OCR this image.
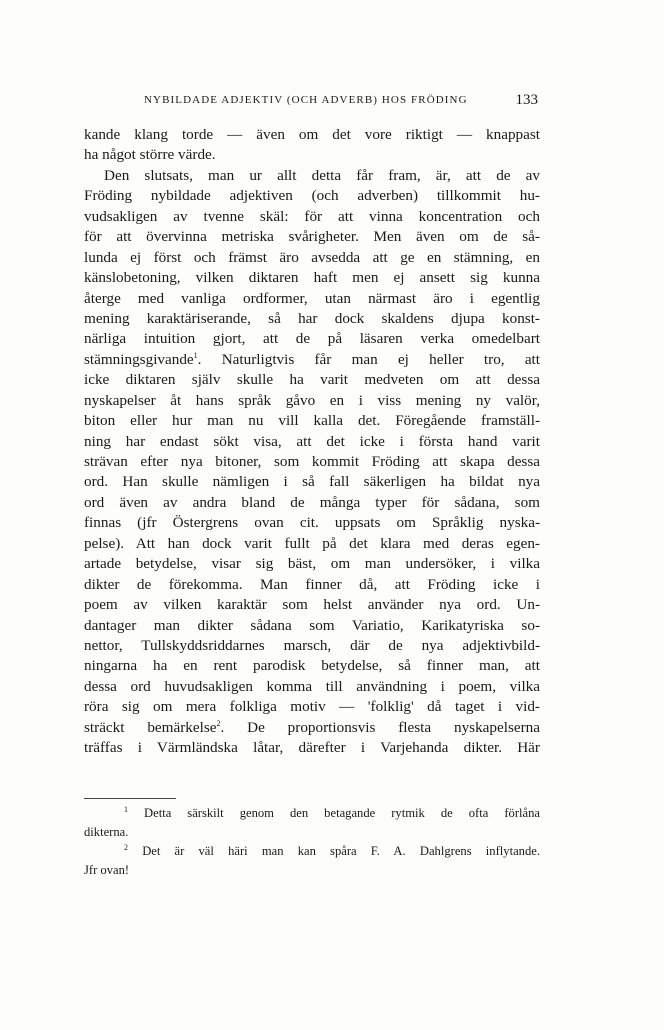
NYBILDADE ADJEKTIV (OCH ADVERB) HOS FRÖDING	133
kande klang torde — även om det vore riktigt — knappast
ha något större värde.
Den slutsats, man ur allt detta får fram, är, att de av
Fröding nybildade adjektiven (och adverben) tillkommit hu-
vudsakligen av tvenne skäl: för att vinna koncentration och
för att övervinna metriska svårigheter. Men även om de så-
lunda ej först och främst äro avsedda att ge en stämning, en
känslobetoning, vilken diktaren haft men ej ansett sig kunna
återge med vanliga ordformer, utan närmast äro i egentlig
mening karaktäriserande, så har dock skaldens djupa konst-
närliga intuition gjort, att de på läsaren verka omedelbart
stämningsgivande$^1$. Naturligtvis får man ej heller tro, att
icke diktaren själv skulle ha varit medveten om att dessa
nyskapelser åt hans språk gåvo en i viss mening ny valör,
biton eller hur man nu vill kalla det. Föregående framställ-
ning har endast sökt visa, att det icke i första hand varit
strävan efter nya bitoner, som kommit Fröding att skapa dessa
ord. Han skulle nämligen i så fall säkerligen ha bildat nya
ord även av andra bland de många typer för sådana, som
finnas (jfr Östergrens ovan cit. uppsats om Språklig nyska-
pelse). Att han dock varit fullt på det klara med deras egen-
artade betydelse, visar sig bäst, om man undersöker, i vilka
dikter de förekomma. Man finner då, att Fröding icke i
poem av vilken karaktär som helst använder nya ord. Un-
dantager man dikter sådana som Variatio, Karikatyriska so-
nettor, Tullskyddsriddarnes marsch, där de nya adjektivbild-
ningarna ha en rent parodisk betydelse, så finner man, att
dessa ord huvudsakligen komma till användning i poem, vilka
röra sig om mera folkliga motiv — 'folklig' då taget i vid-
sträckt bemärkelse$^2$. De proportionsvis flesta nyskapelserna
träffas i Värmländska låtar, därefter i Varjehanda dikter. Här
$^1$ Detta särskilt genom den betagande rytmik de ofta förlåna
dikterna.
$^2$ Det är väl häri man kan spåra F. A. Dahlgrens inflytande.
Jfr ovan!
